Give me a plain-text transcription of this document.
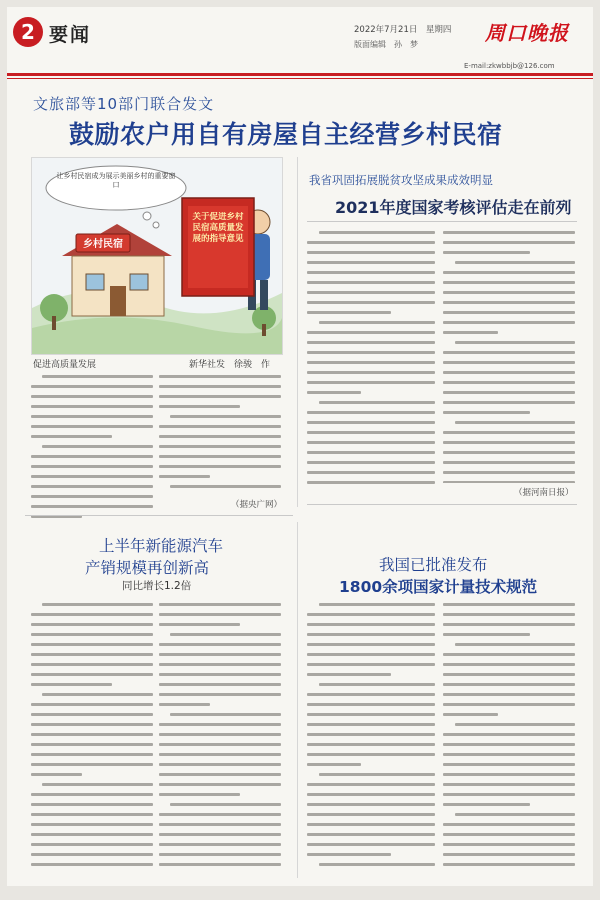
2 要闻	2022年7月21日　星期四
版面编辑　孙　梦	周口晚报
E-mail:zkwbbjb@126.com
文旅部等10部门联合发文
鼓励农户用自有房屋自主经营乡村民宿
乡村民宿
让乡村民宿成为展示美丽乡村的重要窗口
关于促进乡村民宿高质量发展的指导意见
促进高质量发展	新华社发　徐骏　作
我省巩固拓展脱贫攻坚成果成效明显
2021年度国家考核评估走在前列
（据央广网）
（据河南日报）
上半年新能源汽车
产销规模再创新高
同比增长1.2倍
我国已批准发布
1800余项国家计量技术规范
